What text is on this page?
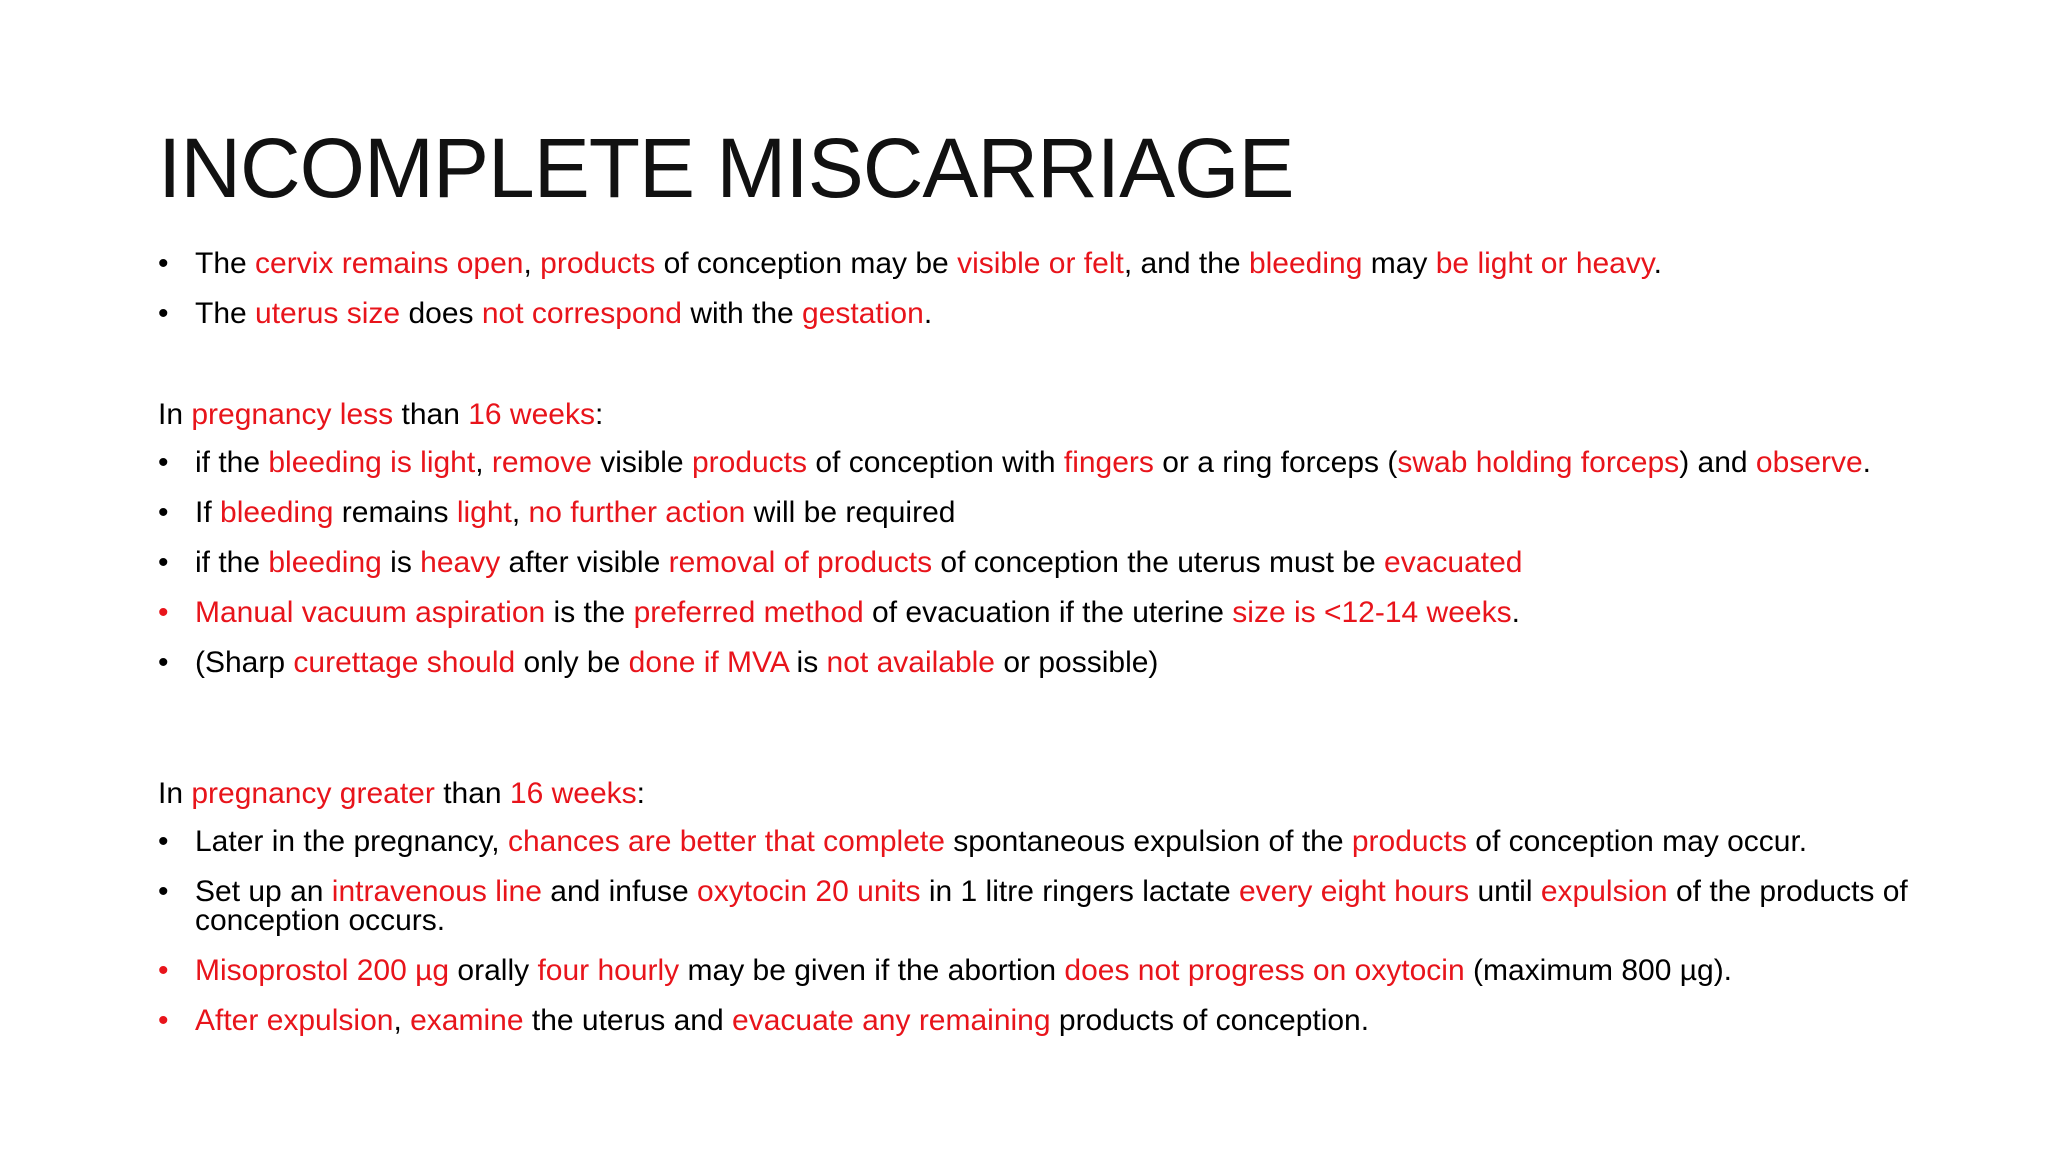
INCOMPLETE MISCARRIAGE
• The cervix remains open, products of conception may be visible or felt, and the bleeding may be light or heavy.
• The uterus size does not correspond with the gestation.

In pregnancy less than 16 weeks:

• if the bleeding is light, remove visible products of conception with fingers or a ring forceps (swab holding forceps) and observe.
• If bleeding remains light, no further action will be required
• if the bleeding is heavy after visible removal of products of conception the uterus must be evacuated
• Manual vacuum aspiration is the preferred method of evacuation if the uterine size is <12-14 weeks.
• (Sharp curettage should only be done if MVA is not available or possible)

In pregnancy greater than 16 weeks:

• Later in the pregnancy, chances are better that complete spontaneous expulsion of the products of conception may occur.
• Set up an intravenous line and infuse oxytocin 20 units in 1 litre ringers lactate every eight hours until expulsion of the products of conception occurs.
• Misoprostol 200 µg orally four hourly may be given if the abortion does not progress on oxytocin (maximum 800 µg).
• After expulsion, examine the uterus and evacuate any remaining products of conception.
